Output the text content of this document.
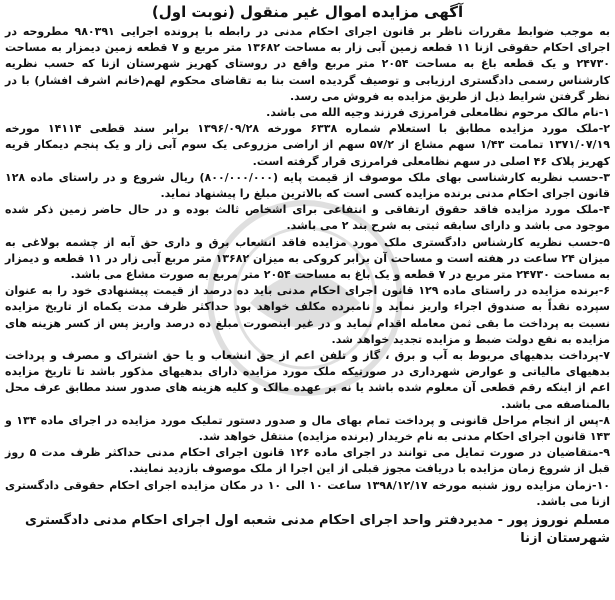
آگهی مزایده اموال غیر منقول (نوبت اول)

به موجب ضوابط مقررات ناظر بر قانون اجرای احکام مدنی در رابطه با پرونده اجرایی ۹۸۰۳۹۱ مطروحه در اجرای احکام حقوقی ازنا ۱۱ قطعه زمین آبی زار به مساحت ۱۳۶۸۲ متر مربع و ۷ قطعه زمین دیمزار به مساحت ۲۴۷۳۰ و یک قطعه باغ به مساحت ۲۰۵۴ متر مربع واقع در روستای کهریز شهرستان ازنا که حسب نظریه کارشناس رسمی دادگستری ارزیابی و توصیف گردیده است بنا به تقاضای محکوم لهم(خانم اشرف افشار) با در نظر گرفتن شرایط ذیل از طریق مزایده به فروش می رسد.

۱-نام مالک مرحوم نظامعلی فرامرزی فرزند وجیه الله می باشد.

۲-ملک مورد مزایده مطابق با استعلام شماره ۶۳۳۸ مورخه ۱۳۹۶/۰۹/۲۸ برابر سند قطعی ۱۴۱۱۴ مورخه ۱۳۷۱/۰۷/۱۹ تمامت ۱/۴۳ سهم مشاع از ۵۷/۲ سهم از اراضی مزروعی یک سوم آبی زار و یک پنجم دیمکار قریه کهریز پلاک ۴۶ اصلی در سهم نظامعلی فرامرزی قرار گرفته است.

۳-حسب نظریه کارشناسی بهای ملک موصوف از قیمت پایه (۸۰۰/۰۰۰/۰۰۰) ریال شروع و در راستای ماده ۱۲۸ قانون اجرای احکام مدنی برنده مزایده کسی است که بالاترین مبلغ را پیشنهاد نماید.

۴-ملک مورد مزایده فاقد حقوق ارتفاقی و انتفاعی برای اشخاص ثالث بوده و در حال حاضر زمین ذکر شده موجود می باشد و دارای سابقه ثبتی به شرح بند ۲ می باشد.

۵-حسب نظریه کارشناس دادگستری ملک مورد مزایده فاقد انشعاب برق و داری حق آبه از چشمه بولاغی به میزان ۲۴ ساعت در هفته است و مساحت آن برابر کروکی به میزان ۱۳۶۸۲ متر مربع آبی زار در ۱۱ قطعه و دیمزار به مساحت ۲۴۷۳۰ متر مربع در ۷ قطعه و یک باغ به مساحت ۲۰۵۴ متر مربع به صورت مشاع می باشد.

۶-برنده مزایده در راستای ماده ۱۲۹ قانون اجرای احکام مدنی باید ده درصد از قیمت پیشنهادی خود را به عنوان سپرده نقداً به صندوق اجراء واریز نماید و نامبرده مکلف خواهد بود حداکثر ظرف مدت یکماه از تاریخ مزایده نسبت به پرداخت ما بقی ثمن معامله اقدام نماید و در غیر اینصورت مبلغ ده درصد واریز پس از کسر هزینه های مزایده به نفع دولت ضبط و مزایده تجدید خواهد شد.

۷-پرداخت بدهیهای مربوط به آب و برق ، گاز و تلفن اعم از حق انشعاب و یا حق اشتراک و مصرف و پرداخت بدهیهای مالیاتی و عوارض شهرداری در صورتیکه ملک مورد مزایده دارای بدهیهای مذکور باشد تا تاریخ مزایده اعم از اینکه رقم قطعی آن معلوم شده باشد یا نه بر عهده مالک و کلیه هزینه های صدور سند مطابق عرف محل بالمناصفه می باشد.

۸-پس از انجام مراحل قانونی و پرداخت تمام بهای مال و صدور دستور تملیک مورد مزایده در اجرای ماده ۱۳۴ و ۱۴۳ قانون اجرای احکام مدنی به نام خریدار (برنده مزایده) منتقل خواهد شد.

۹-متقاضیان در صورت تمایل می توانند در اجرای ماده ۱۲۶ قانون اجرای احکام مدنی حداکثر ظرف مدت ۵ روز قبل از شروع زمان مزایده با دریافت مجوز قبلی از این اجرا از ملک موصوف بازدید نمایند.

۱۰-زمان مزایده روز شنبه مورخه ۱۳۹۸/۱۲/۱۷ ساعت ۱۰ الی ۱۰ در مکان مزایده اجرای احکام حقوقی دادگستری ازنا می باشد.

مسلم نوروز پور - مدیردفتر واحد اجرای احکام مدنی شعبه اول اجرای احکام مدنی دادگستری شهرستان ازنا
